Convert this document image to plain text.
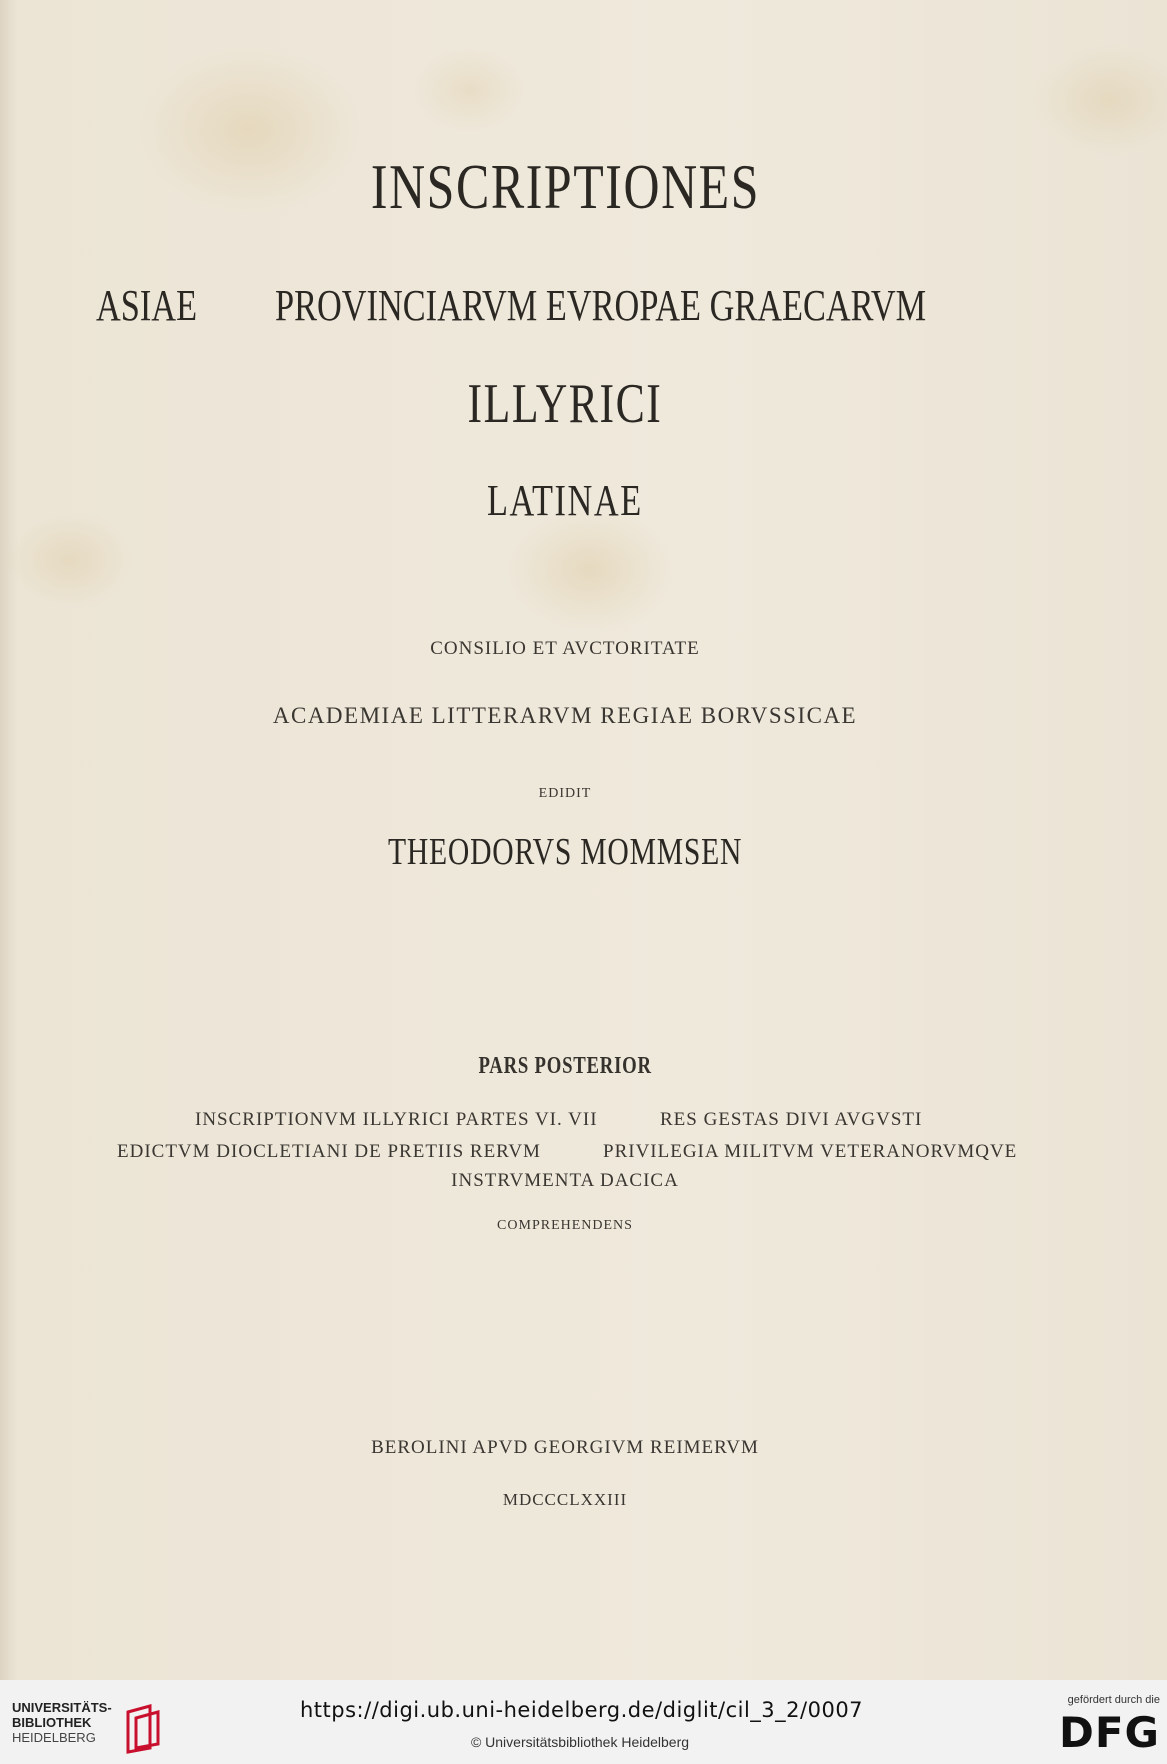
INSCRIPTIONES
ASIAE	PROVINCIARVM EVROPAE GRAECARVM
ILLYRICI
LATINAE
CONSILIO ET AVCTORITATE
ACADEMIAE LITTERARVM REGIAE BORVSSICAE
EDIDIT
THEODORVS MOMMSEN
PARS POSTERIOR
INSCRIPTIONVM ILLYRICI PARTES VI. VII	RES GESTAS DIVI AVGVSTI
EDICTVM DIOCLETIANI DE PRETIIS RERVM	PRIVILEGIA MILITVM VETERANORVMQVE
INSTRVMENTA DACICA
COMPREHENDENS
BEROLINI APVD GEORGIVM REIMERVM
MDCCCLXXIII
UNIVERSITÄTS-
BIBLIOTHEK
HEIDELBERG
https://digi.ub.uni-heidelberg.de/diglit/cil_3_2/0007
© Universitätsbibliothek Heidelberg
gefördert durch die
DFG
